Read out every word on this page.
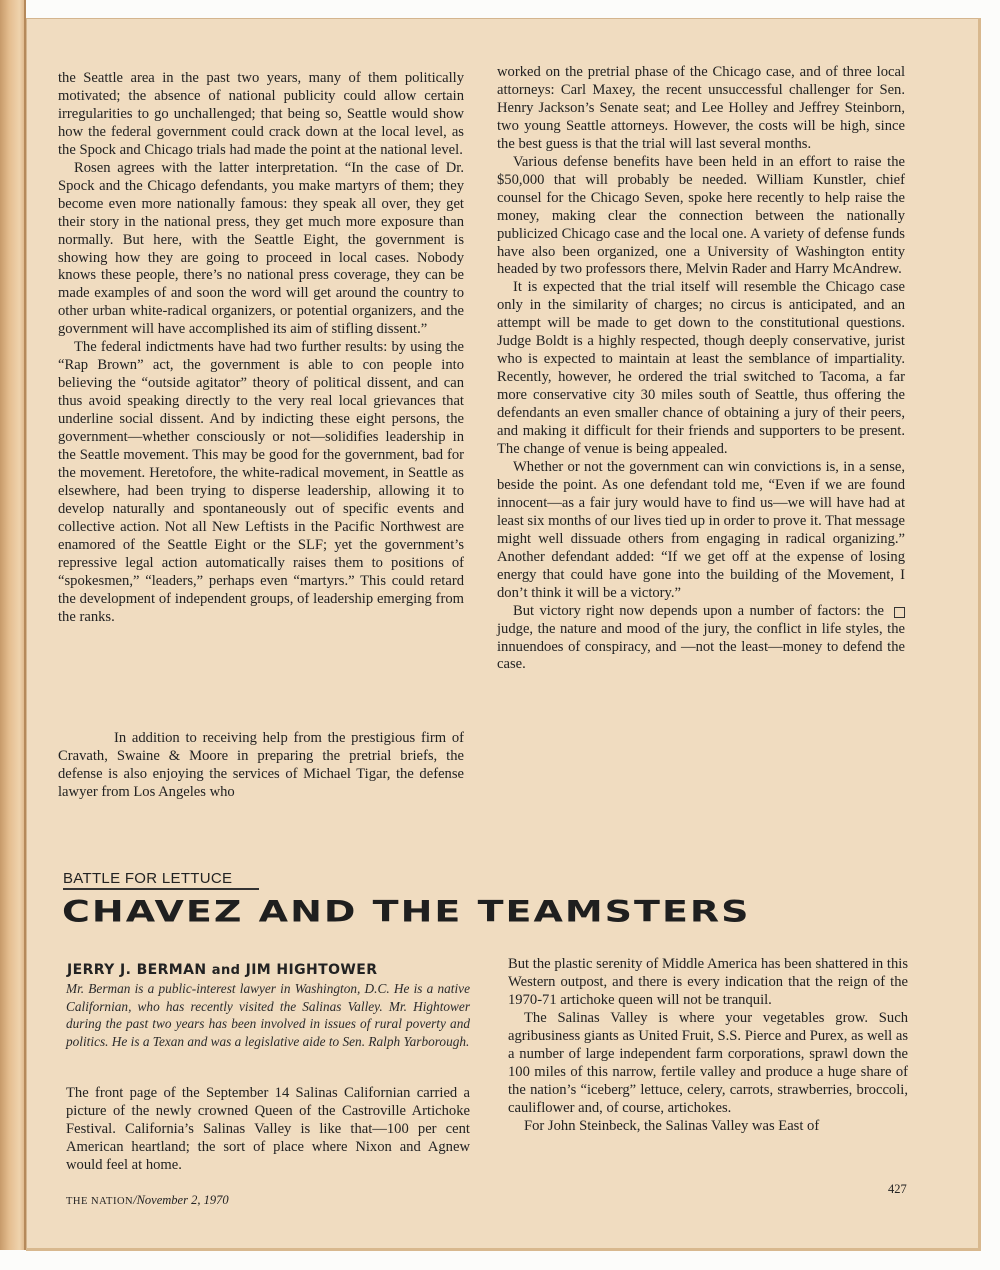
the Seattle area in the past two years, many of them politically motivated; the absence of national publicity could allow certain irregularities to go unchallenged; that being so, Seattle would show how the federal government could crack down at the local level, as the Spock and Chicago trials had made the point at the national level.

Rosen agrees with the latter interpretation. “In the case of Dr. Spock and the Chicago defendants, you make martyrs of them; they become even more nationally famous: they speak all over, they get their story in the national press, they get much more exposure than normally. But here, with the Seattle Eight, the government is showing how they are going to proceed in local cases. Nobody knows these people, there’s no national press coverage, they can be made examples of and soon the word will get around the country to other urban white-radical organizers, or potential organizers, and the government will have accomplished its aim of stifling dissent.”

The federal indictments have had two further results: by using the “Rap Brown” act, the government is able to con people into believing the “outside agitator” theory of political dissent, and can thus avoid speaking directly to the very real local grievances that underline social dissent. And by indicting these eight persons, the government—whether consciously or not—solidifies leadership in the Seattle movement. This may be good for the government, bad for the movement. Heretofore, the white-radical movement, in Seattle as elsewhere, had been trying to disperse leadership, allowing it to develop naturally and spontaneously out of specific events and collective action. Not all New Leftists in the Pacific Northwest are enamored of the Seattle Eight or the SLF; yet the government’s repressive legal action automatically raises them to positions of “spokesmen,” “leaders,” perhaps even “martyrs.” This could retard the development of independent groups, of leadership emerging from the ranks.

In addition to receiving help from the prestigious firm of Cravath, Swaine & Moore in preparing the pretrial briefs, the defense is also enjoying the services of Michael Tigar, the defense lawyer from Los Angeles who

worked on the pretrial phase of the Chicago case, and of three local attorneys: Carl Maxey, the recent unsuccessful challenger for Sen. Henry Jackson’s Senate seat; and Lee Holley and Jeffrey Steinborn, two young Seattle attorneys. However, the costs will be high, since the best guess is that the trial will last several months.

Various defense benefits have been held in an effort to raise the $50,000 that will probably be needed. William Kunstler, chief counsel for the Chicago Seven, spoke here recently to help raise the money, making clear the connection between the nationally publicized Chicago case and the local one. A variety of defense funds have also been organized, one a University of Washington entity headed by two professors there, Melvin Rader and Harry McAndrew.

It is expected that the trial itself will resemble the Chicago case only in the similarity of charges; no circus is anticipated, and an attempt will be made to get down to the constitutional questions. Judge Boldt is a highly respected, though deeply conservative, jurist who is expected to maintain at least the semblance of impartiality. Recently, however, he ordered the trial switched to Tacoma, a far more conservative city 30 miles south of Seattle, thus offering the defendants an even smaller chance of obtaining a jury of their peers, and making it difficult for their friends and supporters to be present. The change of venue is being appealed.

Whether or not the government can win convictions is, in a sense, beside the point. As one defendant told me, “Even if we are found innocent—as a fair jury would have to find us—we will have had at least six months of our lives tied up in order to prove it. That message might well dissuade others from engaging in radical organizing.” Another defendant added: “If we get off at the expense of losing energy that could have gone into the building of the Movement, I don’t think it will be a victory.”

But victory right now depends upon a number of factors: the judge, the nature and mood of the jury, the conflict in life styles, the innuendoes of conspiracy, and —not the least—money to defend the case.

BATTLE FOR LETTUCE
CHAVEZ AND THE TEAMSTERS
JERRY J. BERMAN and JIM HIGHTOWER
Mr. Berman is a public-interest lawyer in Washington, D.C. He is a native Californian, who has recently visited the Salinas Valley. Mr. Hightower during the past two years has been involved in issues of rural poverty and politics. He is a Texan and was a legislative aide to Sen. Ralph Yarborough.

The front page of the September 14 Salinas Californian carried a picture of the newly crowned Queen of the Castroville Artichoke Festival. California’s Salinas Valley is like that—100 per cent American heartland; the sort of place where Nixon and Agnew would feel at home.

But the plastic serenity of Middle America has been shattered in this Western outpost, and there is every indication that the reign of the 1970-71 artichoke queen will not be tranquil.

The Salinas Valley is where your vegetables grow. Such agribusiness giants as United Fruit, S.S. Pierce and Purex, as well as a number of large independent farm corporations, sprawl down the 100 miles of this narrow, fertile valley and produce a huge share of the nation’s “iceberg” lettuce, celery, carrots, strawberries, broccoli, cauliflower and, of course, artichokes.

For John Steinbeck, the Salinas Valley was East of

THE NATION/November 2, 1970
427
